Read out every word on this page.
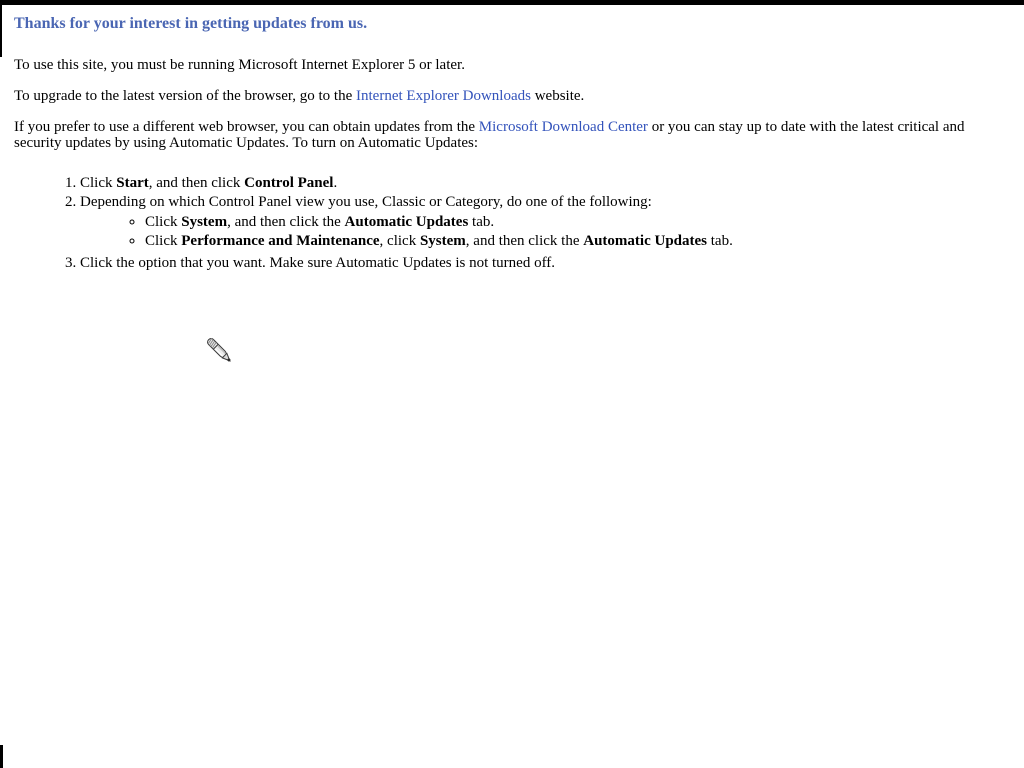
Thanks for your interest in getting updates from us.

To use this site, you must be running Microsoft Internet Explorer 5 or later.

To upgrade to the latest version of the browser, go to the Internet Explorer Downloads website.

If you prefer to use a different web browser, you can obtain updates from the Microsoft Download Center or you can stay up to date with the latest critical and security updates by using Automatic Updates. To turn on Automatic Updates:

1. Click Start, and then click Control Panel.
2. Depending on which Control Panel view you use, Classic or Category, do one of the following:
◦ Click System, and then click the Automatic Updates tab.
◦ Click Performance and Maintenance, click System, and then click the Automatic Updates tab.
3. Click the option that you want. Make sure Automatic Updates is not turned off.
